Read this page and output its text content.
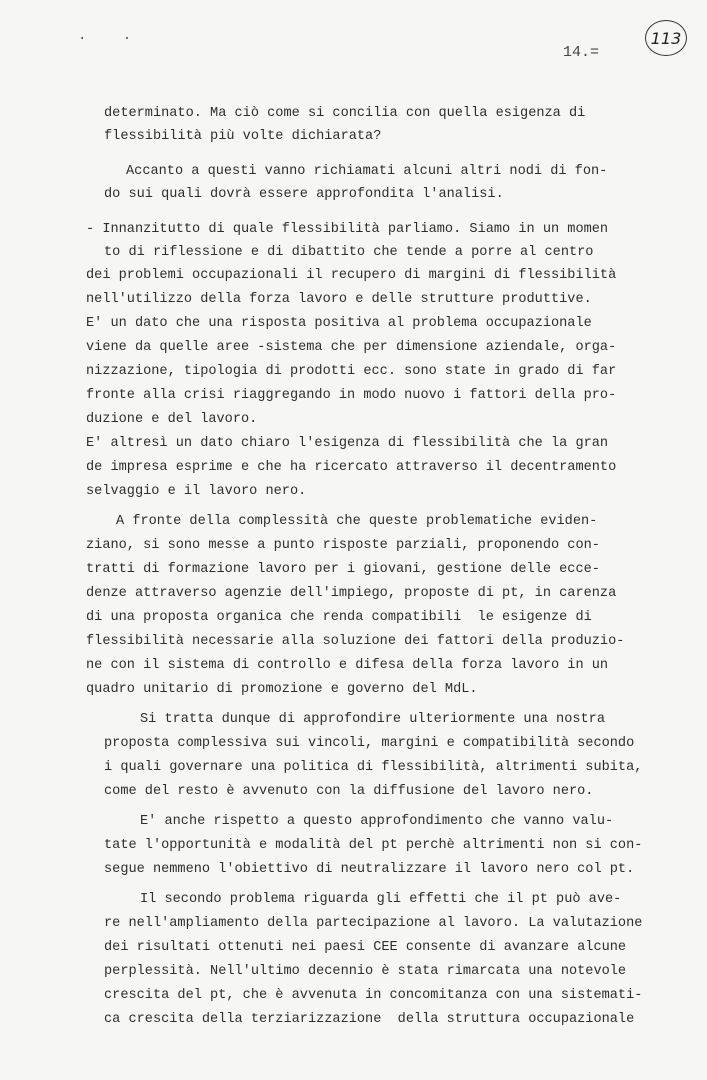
. .
14.=
113
determinato. Ma ciò come si concilia con quella esigenza di
flessibilità più volte dichiarata?
Accanto a questi vanno richiamati alcuni altri nodi di fon-
do sui quali dovrà essere approfondita l'analisi.
- Innanzitutto di quale flessibilità parliamo. Siamo in un momen
to di riflessione e di dibattito che tende a porre al centro
dei problemi occupazionali il recupero di margini di flessibilità
nell'utilizzo della forza lavoro e delle strutture produttive.
E' un dato che una risposta positiva al problema occupazionale
viene da quelle aree -sistema che per dimensione aziendale, orga-
nizzazione, tipologia di prodotti ecc. sono state in grado di far
fronte alla crisi riaggregando in modo nuovo i fattori della pro-
duzione e del lavoro.
E' altresì un dato chiaro l'esigenza di flessibilità che la gran
de impresa esprime e che ha ricercato attraverso il decentramento
selvaggio e il lavoro nero.
A fronte della complessità che queste problematiche eviden-
ziano, si sono messe a punto risposte parziali, proponendo con-
tratti di formazione lavoro per i giovani, gestione delle ecce-
denze attraverso agenzie dell'impiego, proposte di pt, in carenza
di una proposta organica che renda compatibili  le esigenze di
flessibilità necessarie alla soluzione dei fattori della produzio-
ne con il sistema di controllo e difesa della forza lavoro in un
quadro unitario di promozione e governo del MdL.
Si tratta dunque di approfondire ulteriormente una nostra
proposta complessiva sui vincoli, margini e compatibilità secondo
i quali governare una politica di flessibilità, altrimenti subita,
come del resto è avvenuto con la diffusione del lavoro nero.
E' anche rispetto a questo approfondimento che vanno valu-
tate l'opportunità e modalità del pt perchè altrimenti non si con-
segue nemmeno l'obiettivo di neutralizzare il lavoro nero col pt.
Il secondo problema riguarda gli effetti che il pt può ave-
re nell'ampliamento della partecipazione al lavoro. La valutazione
dei risultati ottenuti nei paesi CEE consente di avanzare alcune
perplessità. Nell'ultimo decennio è stata rimarcata una notevole
crescita del pt, che è avvenuta in concomitanza con una sistemati-
ca crescita della terziarizzazione  della struttura occupazionale
